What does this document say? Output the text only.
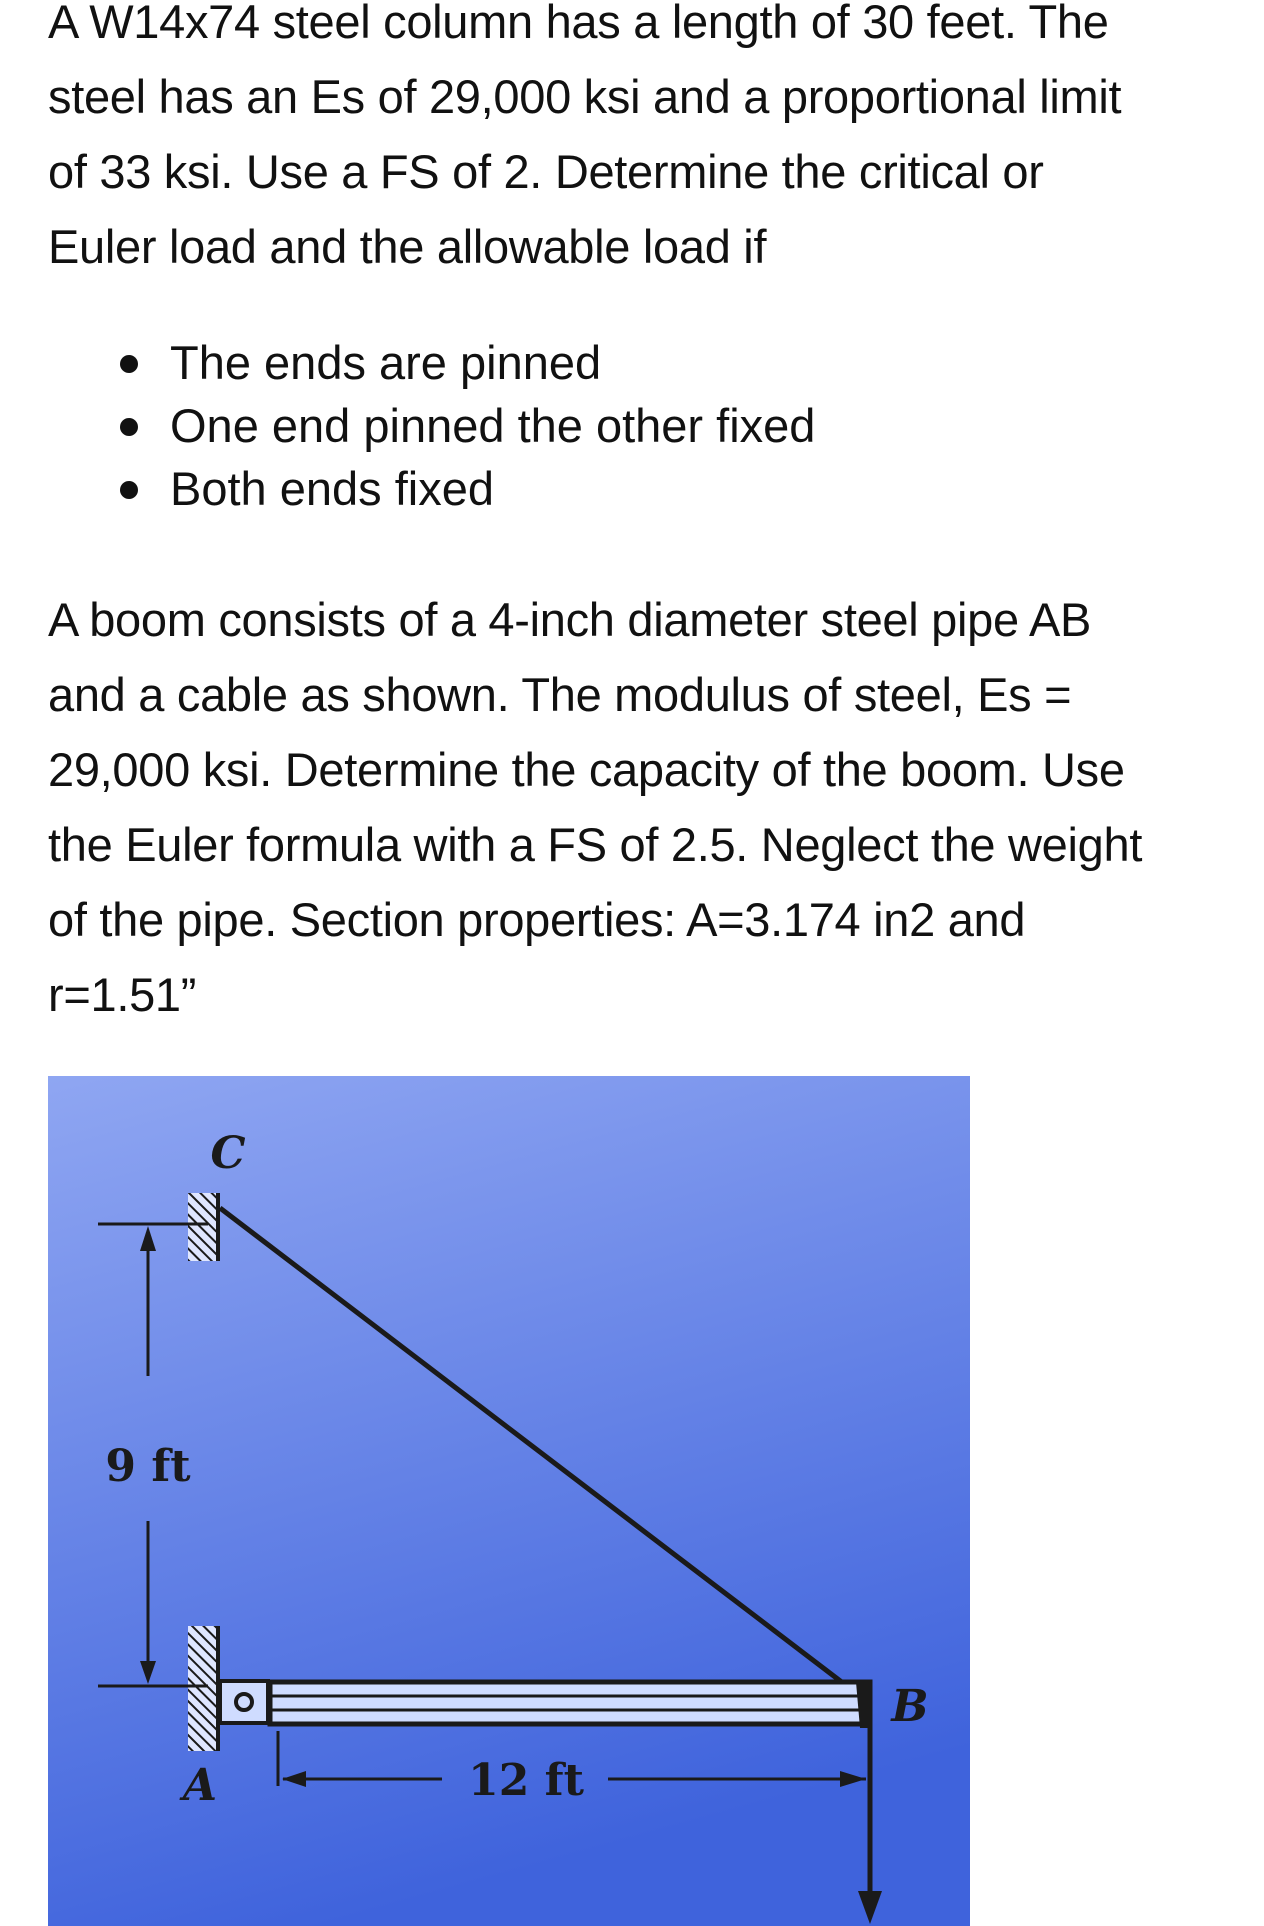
A W14x74 steel column has a length of 30 feet. The
steel has an Es of 29,000 ksi and a proportional limit
of 33 ksi. Use a FS of 2. Determine the critical or
Euler load and the allowable load if
The ends are pinned
One end pinned the other fixed
Both ends fixed
A boom consists of a 4-inch diameter steel pipe AB
and a cable as shown. The modulus of steel, Es =
29,000 ksi. Determine the capacity of the boom. Use
the Euler formula with a FS of 2.5. Neglect the weight
of the pipe. Section properties: A=3.174 in2 and
r=1.51”
9 ft
12 ft
C
A
B
